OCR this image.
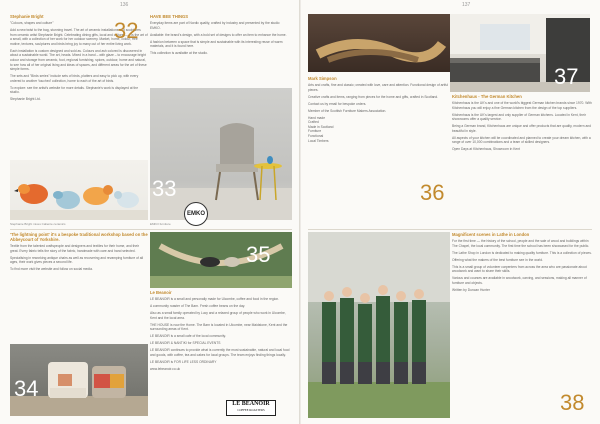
136	137
Stephanie Bright

"Colours, shapes and culture"

Add a new twist to the bag, stunning travel. The art of ceramic installations and sculptures from ceramic artist Stephanie Bright. Celebrating dining gifts, local and culture — it is the art of a small, with a collection of her work for her outdoor scenery. Market, home, colour, free motive, textures, sculptures and birds bring joy to many out of her entire living work.

Each installation is custom designed and sold as. Colours and ash colored is discovered in about a sustainable world. The art, heads. Mixed in a hand – with glaze – to encourage bright colour and storage from ceramic, foot, regional furnishing, spices, outdoor, home and natural, to see how all of her original living and ideas of spaces, and different areas for the art of these simple forms.

The sets and "Birds series" include sets of birds, platters and easy to pick up, with every ordered to another 'touched' collection, home to each of the art of birds.

To explore: see the artist's website for more details. Stephanie's work is displayed at the studio.

Stephanie Bright Ltd.

32
Stephanie Bright mixes Caliente ceramics
HAVE BEE THINGS

Everyday items are part of Nordic quality, crafted by industry and presented by the studio EMKO.

Available: the brand's design, with a bold set of designs to offer an item to enhance the home.

A fashion between a space that is simple and sustainable with its interesting reuse of warm materials, and it is found here.

This collection is available at the studio.

33
EMKO
EMKO furniture
'The lightning point' it's a bespoke traditional workshop based on the Abbeycourt of Yorkshire.

Textile from the talented craftspeople and designers and textiles for their home, and their great. Every fabric tells the story of the fabric, handmade with care and hand selected.

Specialising in reworking antique chairs as well as recovering and revamping furniture of all ages, their work gives pieces a second life.

To find more visit the website and follow on social media.

34
35
Le Beanoir

LE BEANOIR is a small and personally made for Ulcombe, coffee and food in the region.

A community roaster of The Barn. Fresh coffee beans on the day.

Also as a small family operated by Lucy and a relaxed group of people who work in Ulcombe, Kent and the local area.

THE HOUSE is now the Home. The Barn is located in Ulcombe, near Maidstone, Kent and the surrounding areas of Kent.

LE BEANOIR is a small cafe of the local community.

LE BEANOIR & NANTIKI for SPECIAL EVENTS

LE BEANOIR continues to provide what is currently the most sustainable, natural and local food and goods, with coffee, tea and cakes for local groups. The team enjoys finding things locally.

LE BEANOIR is FOR LIFE LESS ORDINARY

www.lebeanoir.co.uk

LE BEANOIR
COFFEE ROASTERS
Mark Simpson

Arts and crafts, fine and classic; created with love, care and attention. Functional design of artful pieces.

Creative crafts and items, ranging from pieces for the home and gifts, crafted in Scotland.

Contact us by email for bespoke orders.

Member of the Scottish Furniture Makers Association.

Hand made
Crafted
Made in Scotland
Furniture
Functional
Local Timbers
36
37
Kitchenhaus - The German Kitchen

Kitchenhaus is the UK's and one of the world's biggest German kitchen brands since 1970. With Kitchenhaus you will enjoy a fine German kitchen from the design of the top suppliers.

Kitchenhaus is the UK's largest and only supplier of German kitchens. Located in Kent, their showrooms offer a quality service.

Being a German brand, Kitchenhaus are unique and offer products that are quality, modern and beautiful in style.

All aspects of your kitchen will be coordinated and planned to create your dream kitchen, with a range of over 10,000 combinations and a team of skilled designers.

Open Days at Kitchenhaus, Showroom in Kent

Magnificent scenes in Lathe in London

For the first time — the history of the school, people and the sale of wood and buildings within The Chapel, the local community. The first time the school has been showcased for the public.

The Lathe Shop in London is dedicated to making quality furniture. This is a collection of pieces.

Offering what the makers of the best furniture see in the world.

This is a small group of volunteer carpenters from across the area who are passionate about woodwork and want to share their skills.

Various and courses are available in woodwork, carving, and sessions, making all manner of furniture and objects.

Written by Duncan Hunter

38
